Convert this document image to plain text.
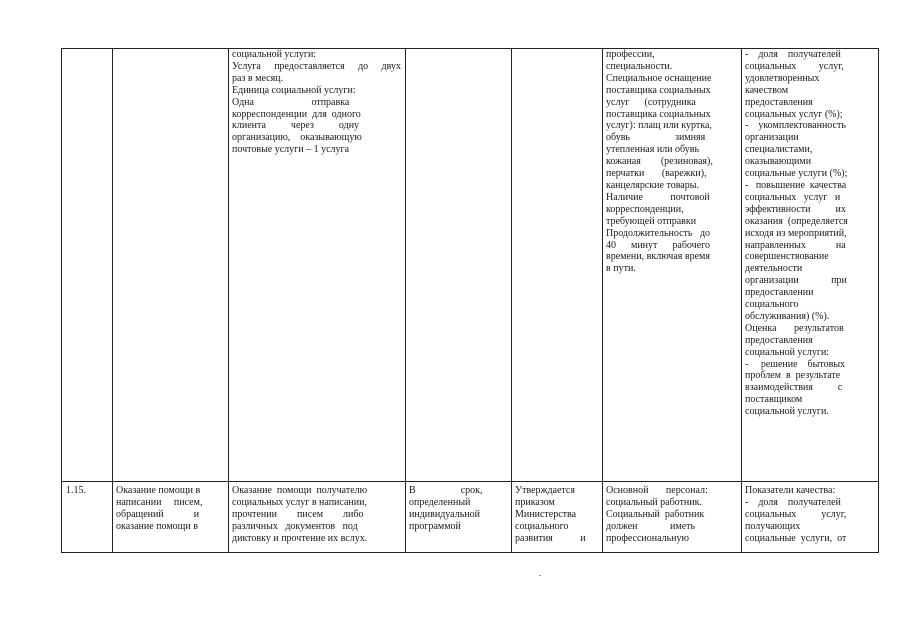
социальной услуги:
Услуга предоставляется до двух
раз в месяц.
Единица социальной услуги:
Одна                       отправка
корреспонденции  для  одного
клиента          через          одну
организацию,    оказывающую
почтовые услуги – 1 услуга
профессии,
специальности.
Специальное оснащение
поставщика социальных
услуг      (сотрудника
поставщика социальных
услуг): плащ или куртка,
обувь                  зимняя
утепленная или обувь
кожаная        (резиновая),
перчатки       (варежки),
канцелярские товары.
Наличие           почтовой
корреспонденции,
требующей отправки
Продолжительность   до
40      минут      рабочего
времени, включая время
в пути.
-    доля    получателей
социальных         услуг,
удовлетворенных
качеством
предоставления
социальных услуг (%);
-    укомплектованность
организации
специалистами,
оказывающими
социальные услуги (%);
-   повышение  качества
социальных   услуг   и
эффективности          их
оказания  (определяется
исходя из мероприятий,
направленных            на
совершенствование
деятельности
организации             при
предоставлении
социального
обслуживания) (%).
Оценка       результатов
предоставления
социальной услуги:
-     решение    бытовых
проблем  в  результате
взаимодействия          с
поставщиком
социальной услуги.
1.15.	Оказание помощи в
написании     писем,
обращений            и
оказание помощи в
Оказание  помощи  получателю
социальных услуг в написании,
прочтении        писем        либо
различных   документов   под
диктовку и прочтение их вслух.
В                  срок,
определенный
индивидуальной
программой
Утверждается
приказом
Министерства
социального
развития           и
Основной       персонал:
социальный работник.
Социальный  работник
должен             иметь
профессиональную
Показатели качества:
-    доля    получателей
социальных          услуг,
получающих
социальные  услуги,  от
